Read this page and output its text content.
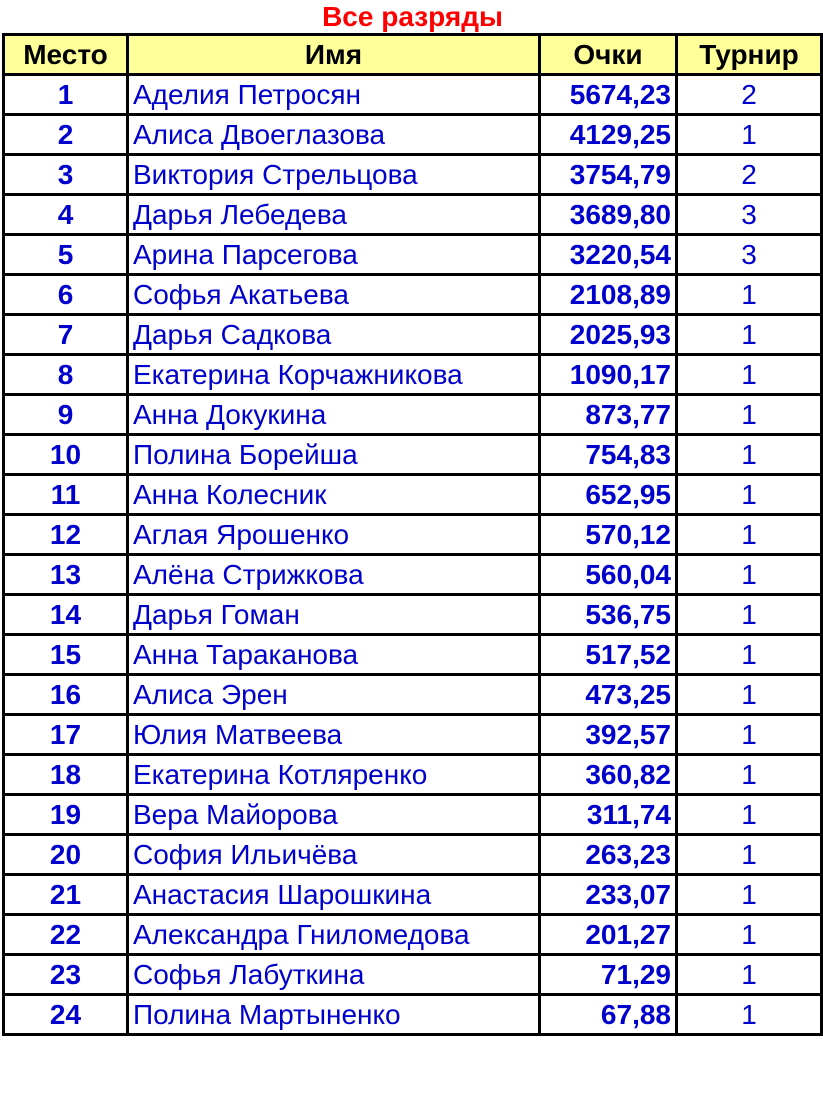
Все разряды
Место	Имя	Очки	Турнир
1	Аделия Петросян	5674,23	2
2	Алиса Двоеглазова	4129,25	1
3	Виктория Стрельцова	3754,79	2
4	Дарья Лебедева	3689,80	3
5	Арина Парсегова	3220,54	3
6	Софья Акатьева	2108,89	1
7	Дарья Садкова	2025,93	1
8	Екатерина Корчажникова	1090,17	1
9	Анна Докукина	873,77	1
10	Полина Борейша	754,83	1
11	Анна Колесник	652,95	1
12	Аглая Ярошенко	570,12	1
13	Алёна Стрижкова	560,04	1
14	Дарья Гоман	536,75	1
15	Анна Тараканова	517,52	1
16	Алиса Эрен	473,25	1
17	Юлия Матвеева	392,57	1
18	Екатерина Котляренко	360,82	1
19	Вера Майорова	311,74	1
20	София Ильичёва	263,23	1
21	Анастасия Шарошкина	233,07	1
22	Александра Гниломедова	201,27	1
23	Софья Лабуткина	71,29	1
24	Полина Мартыненко	67,88	1
